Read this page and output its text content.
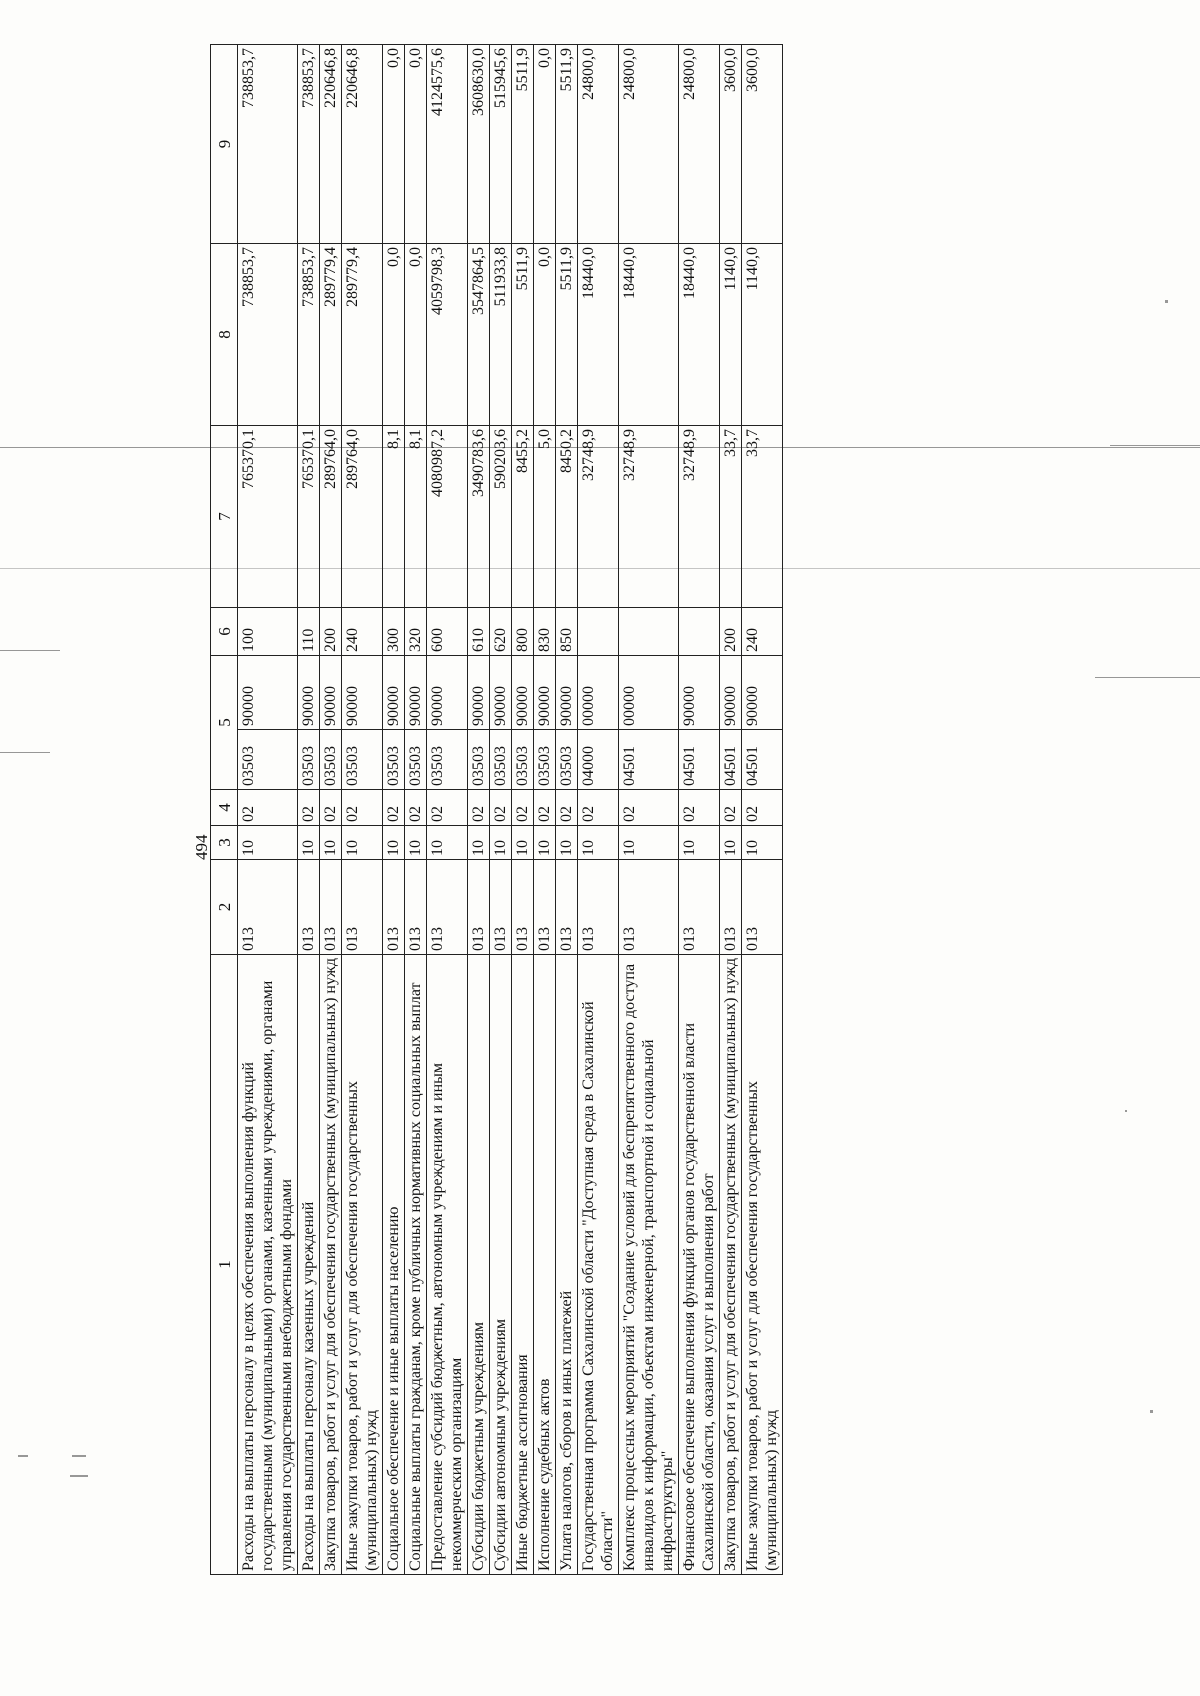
494
1	2	3	4	5		6	7	8	9
Расходы на выплаты персоналу в целях обеспечения выполнения функций государственными (муниципальными) органами, казенными учреждениями, органами управления государственными внебюджетными фондами	013	10	02	03503	90000	100	765370,1	738853,7	738853,7
Расходы на выплаты персоналу казенных учреждений	013	10	02	03503	90000	110	765370,1	738853,7	738853,7
Закупка товаров, работ и услуг для обеспечения государственных (муниципальных) нужд	013	10	02	03503	90000	200	289764,0	289779,4	220646,8
Иные закупки товаров, работ и услуг для обеспечения государственных (муниципальных) нужд	013	10	02	03503	90000	240	289764,0	289779,4	220646,8
Социальное обеспечение и иные выплаты населению	013	10	02	03503	90000	300	8,1	0,0	0,0
Социальные выплаты гражданам, кроме публичных нормативных социальных выплат	013	10	02	03503	90000	320	8,1	0,0	0,0
Предоставление субсидий бюджетным, автономным учреждениям и иным некоммерческим организациям	013	10	02	03503	90000	600	4080987,2	4059798,3	4124575,6
Субсидии бюджетным учреждениям	013	10	02	03503	90000	610	3490783,6	3547864,5	3608630,0
Субсидии автономным учреждениям	013	10	02	03503	90000	620	590203,6	511933,8	515945,6
Иные бюджетные ассигнования	013	10	02	03503	90000	800	8455,2	5511,9	5511,9
Исполнение судебных актов	013	10	02	03503	90000	830	5,0	0,0	0,0
Уплата налогов, сборов и иных платежей	013	10	02	03503	90000	850	8450,2	5511,9	5511,9
Государственная программа Сахалинской области "Доступная среда в Сахалинской области"	013	10	02	04000	00000		32748,9	18440,0	24800,0
Комплекс процессных мероприятий "Создание условий для беспрепятственного доступа инвалидов к информации, объектам инженерной, транспортной и социальной инфраструктуры"	013	10	02	04501	00000		32748,9	18440,0	24800,0
Финансовое обеспечение выполнения функций органов государственной власти Сахалинской области, оказания услуг и выполнения работ	013	10	02	04501	90000		32748,9	18440,0	24800,0
Закупка товаров, работ и услуг для обеспечения государственных (муниципальных) нужд	013	10	02	04501	90000	200	33,7	1140,0	3600,0
Иные закупки товаров, работ и услуг для обеспечения государственных (муниципальных) нужд	013	10	02	04501	90000	240	33,7	1140,0	3600,0
